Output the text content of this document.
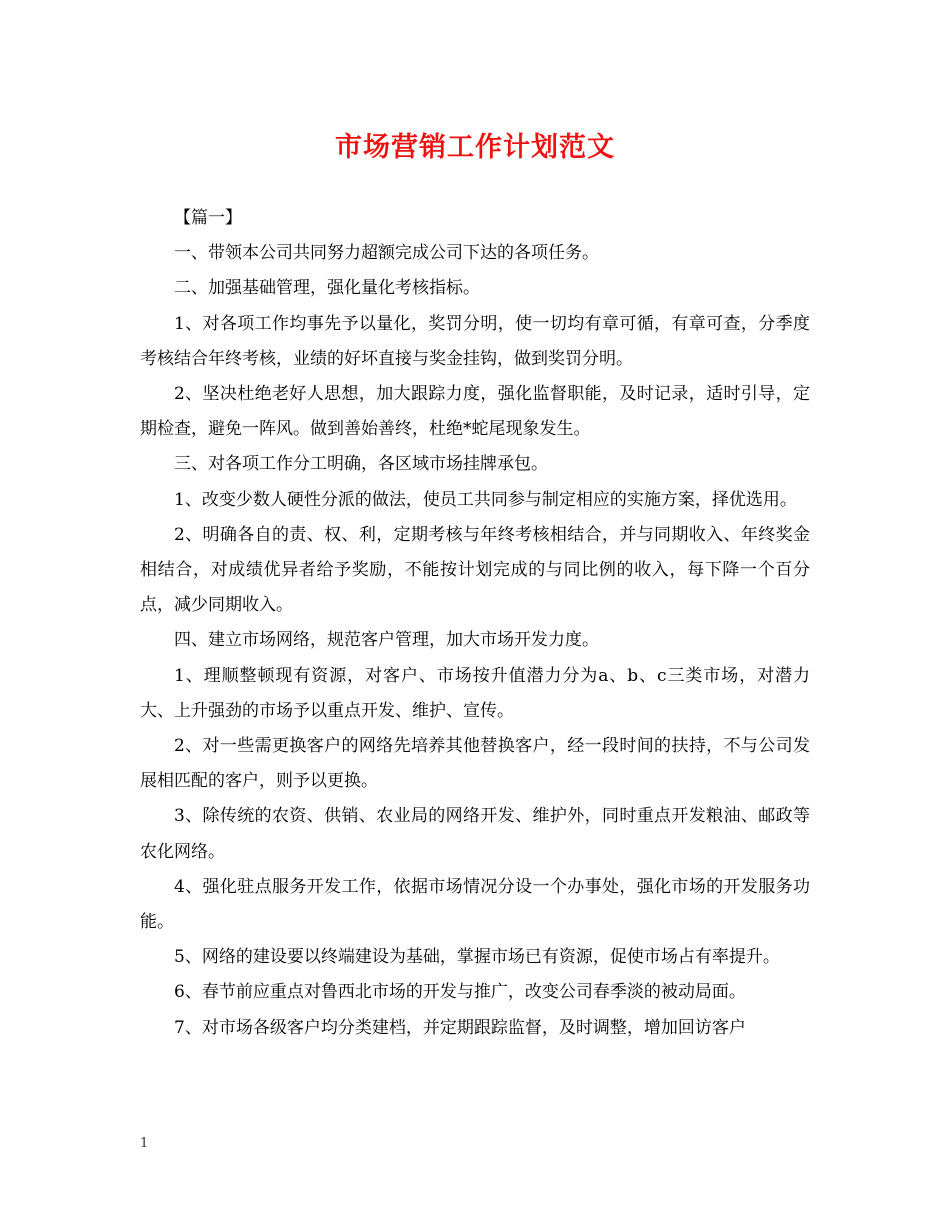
市场营销工作计划范文

【篇一】

一、带领本公司共同努力超额完成公司下达的各项任务。

二、加强基础管理，强化量化考核指标。

1、对各项工作均事先予以量化，奖罚分明，使一切均有章可循，有章可查，分季度考核结合年终考核，业绩的好坏直接与奖金挂钩，做到奖罚分明。

2、坚决杜绝老好人思想，加大跟踪力度，强化监督职能，及时记录，适时引导，定期检查，避免一阵风。做到善始善终，杜绝*蛇尾现象发生。

三、对各项工作分工明确，各区域市场挂牌承包。

1、改变少数人硬性分派的做法，使员工共同参与制定相应的实施方案，择优选用。

2、明确各自的责、权、利，定期考核与年终考核相结合，并与同期收入、年终奖金相结合，对成绩优异者给予奖励，不能按计划完成的与同比例的收入，每下降一个百分点，减少同期收入。

四、建立市场网络，规范客户管理，加大市场开发力度。

1、理顺整顿现有资源，对客户、市场按升值潜力分为a、b、c三类市场，对潜力大、上升强劲的市场予以重点开发、维护、宣传。

2、对一些需更换客户的网络先培养其他替换客户，经一段时间的扶持，不与公司发展相匹配的客户，则予以更换。

3、除传统的农资、供销、农业局的网络开发、维护外，同时重点开发粮油、邮政等农化网络。

4、强化驻点服务开发工作，依据市场情况分设一个办事处，强化市场的开发服务功能。

5、网络的建设要以终端建设为基础，掌握市场已有资源，促使市场占有率提升。

6、春节前应重点对鲁西北市场的开发与推广，改变公司春季淡的被动局面。

7、对市场各级客户均分类建档，并定期跟踪监督，及时调整，增加回访客户

1
